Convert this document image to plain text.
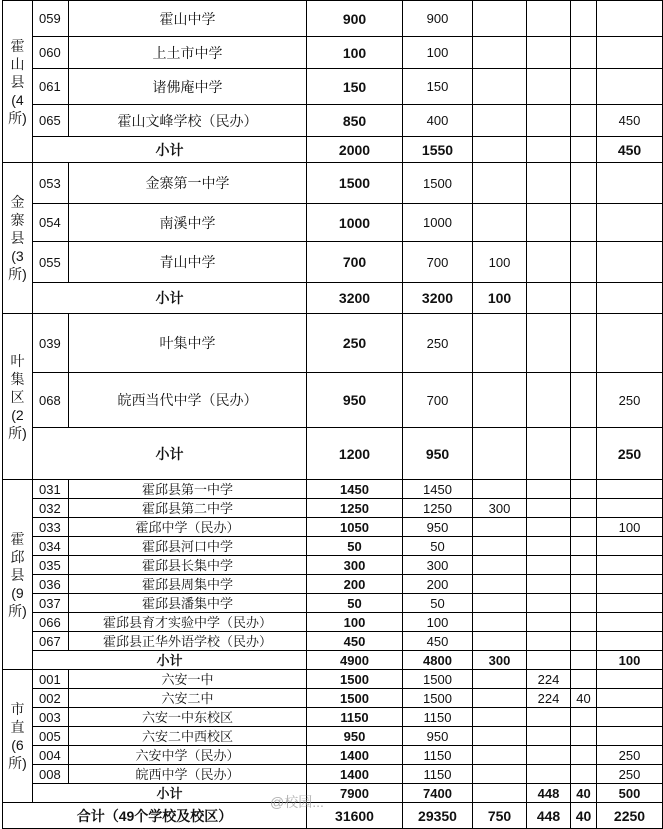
霍山县(4所)	059	霍山中学	900	900				
	060	上土市中学	100	100				
	061	诸佛庵中学	150	150				
	065	霍山文峰学校（民办）	850	400				450
	小计		2000	1550				450
金寨县(3所)	053	金寨第一中学	1500	1500				
	054	南溪中学	1000	1000				
	055	青山中学	700	700	100			
	小计		3200	3200	100			
叶集区(2所)	039	叶集中学	250	250				
	068	皖西当代中学（民办）	950	700				250
	小计		1200	950				250
霍邱县(9所)	031	霍邱县第一中学	1450	1450				
	032	霍邱县第二中学	1250	1250	300			
	033	霍邱中学（民办）	1050	950				100
	034	霍邱县河口中学	50	50				
	035	霍邱县长集中学	300	300				
	036	霍邱县周集中学	200	200				
	037	霍邱县潘集中学	50	50				
	066	霍邱县育才实验中学（民办）	100	100				
	067	霍邱县正华外语学校（民办）	450	450				
	小计		4900	4800	300			100
市直(6所)	001	六安一中	1500	1500		224		
	002	六安二中	1500	1500		224	40	
	003	六安一中东校区	1150	1150				
	005	六安二中西校区	950	950				
	004	六安中学（民办）	1400	1150				250
	008	皖西中学（民办）	1400	1150				250
	小计		7900	7400		448	40	500
合计（49个学校及校区）			31600	29350	750	448	40	2250
@校园...
